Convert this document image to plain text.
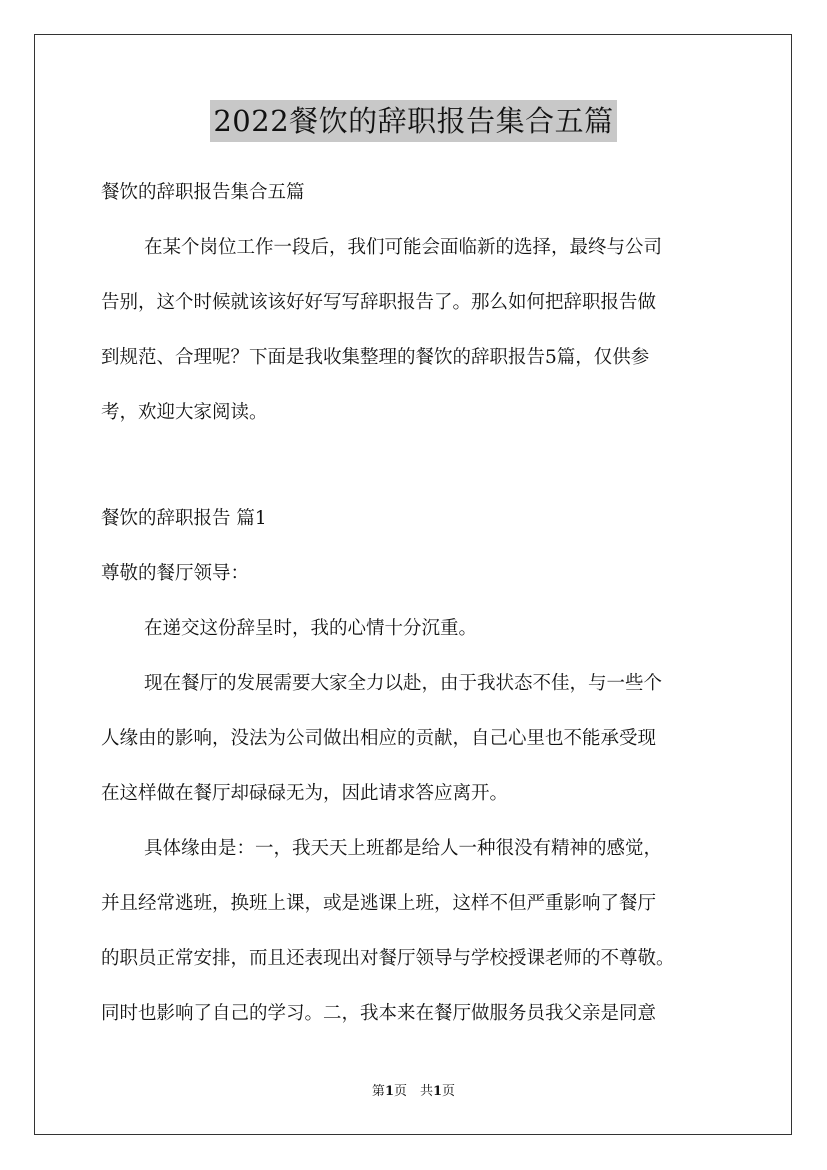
2022餐饮的辞职报告集合五篇
餐饮的辞职报告集合五篇
在某个岗位工作一段后，我们可能会面临新的选择，最终与公司
告别，这个时候就该该好好写写辞职报告了。那么如何把辞职报告做
到规范、合理呢？下面是我收集整理的餐饮的辞职报告5篇，仅供参
考，欢迎大家阅读。
餐饮的辞职报告 篇1
尊敬的餐厅领导：
在递交这份辞呈时，我的心情十分沉重。
现在餐厅的发展需要大家全力以赴，由于我状态不佳，与一些个
人缘由的影响，没法为公司做出相应的贡献，自己心里也不能承受现
在这样做在餐厅却碌碌无为，因此请求答应离开。
具体缘由是：一，我天天上班都是给人一种很没有精神的感觉，
并且经常逃班，换班上课，或是逃课上班，这样不但严重影响了餐厅
的职员正常安排，而且还表现出对餐厅领导与学校授课老师的不尊敬。
同时也影响了自己的学习。二，我本来在餐厅做服务员我父亲是同意
第1页　共1页
